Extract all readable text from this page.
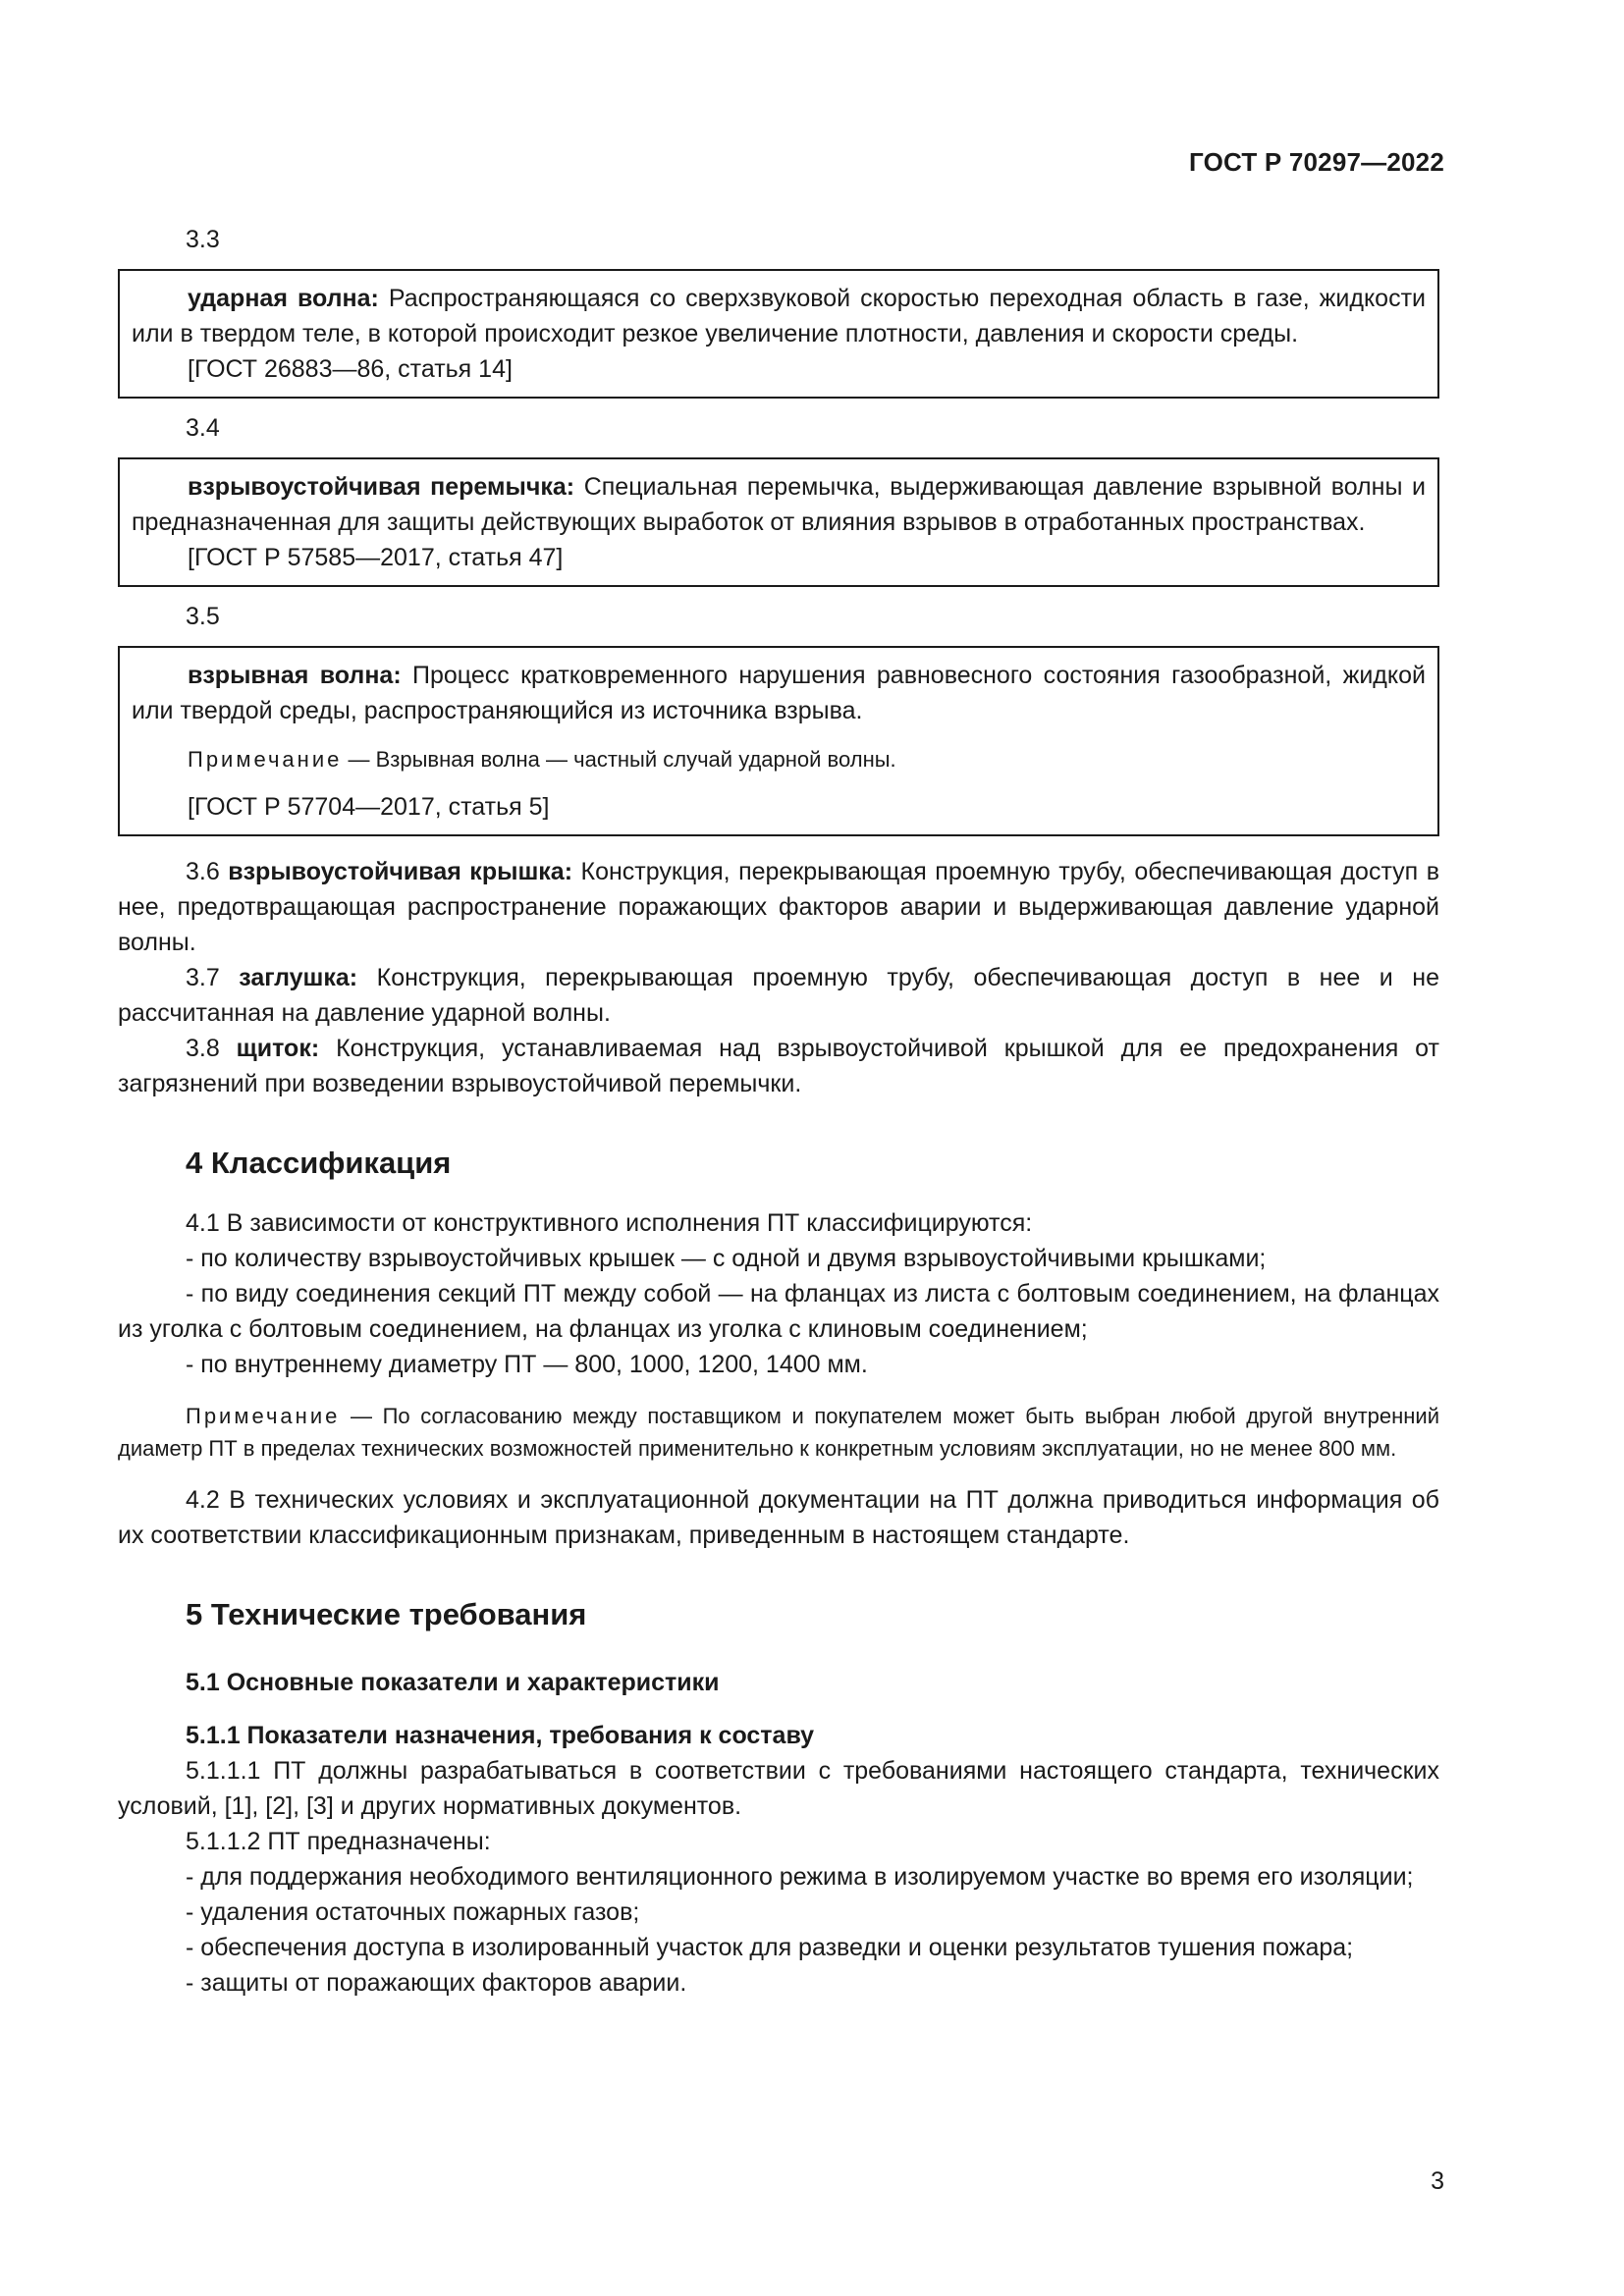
ГОСТ Р 70297—2022

3.3

ударная волна: Распространяющаяся со сверхзвуковой скоростью переходная область в газе, жидкости или в твердом теле, в которой происходит резкое увеличение плотности, давления и скорости среды.

[ГОСТ 26883—86, статья 14]

3.4

взрывоустойчивая перемычка: Специальная перемычка, выдерживающая давление взрывной волны и предназначенная для защиты действующих выработок от влияния взрывов в отработанных пространствах.

[ГОСТ Р 57585—2017, статья 47]

3.5

взрывная волна: Процесс кратковременного нарушения равновесного состояния газообразной, жидкой или твердой среды, распространяющийся из источника взрыва.

Примечание — Взрывная волна — частный случай ударной волны.

[ГОСТ Р 57704—2017, статья 5]

3.6 взрывоустойчивая крышка: Конструкция, перекрывающая проемную трубу, обеспечивающая доступ в нее, предотвращающая распространение поражающих факторов аварии и выдерживающая давление ударной волны.

3.7 заглушка: Конструкция, перекрывающая проемную трубу, обеспечивающая доступ в нее и не рассчитанная на давление ударной волны.

3.8 щиток: Конструкция, устанавливаемая над взрывоустойчивой крышкой для ее предохранения от загрязнений при возведении взрывоустойчивой перемычки.

4 Классификация

4.1 В зависимости от конструктивного исполнения ПТ классифицируются:

- по количеству взрывоустойчивых крышек — с одной и двумя взрывоустойчивыми крышками;

- по виду соединения секций ПТ между собой — на фланцах из листа с болтовым соединением, на фланцах из уголка с болтовым соединением, на фланцах из уголка с клиновым соединением;

- по внутреннему диаметру ПТ — 800, 1000, 1200, 1400 мм.

Примечание — По согласованию между поставщиком и покупателем может быть выбран любой другой внутренний диаметр ПТ в пределах технических возможностей применительно к конкретным условиям эксплуатации, но не менее 800 мм.

4.2 В технических условиях и эксплуатационной документации на ПТ должна приводиться информация об их соответствии классификационным признакам, приведенным в настоящем стандарте.

5 Технические требования

5.1 Основные показатели и характеристики

5.1.1 Показатели назначения, требования к составу

5.1.1.1 ПТ должны разрабатываться в соответствии с требованиями настоящего стандарта, технических условий, [1], [2], [3] и других нормативных документов.

5.1.1.2 ПТ предназначены:

- для поддержания необходимого вентиляционного режима в изолируемом участке во время его изоляции;

- удаления остаточных пожарных газов;

- обеспечения доступа в изолированный участок для разведки и оценки результатов тушения пожара;

- защиты от поражающих факторов аварии.

3
